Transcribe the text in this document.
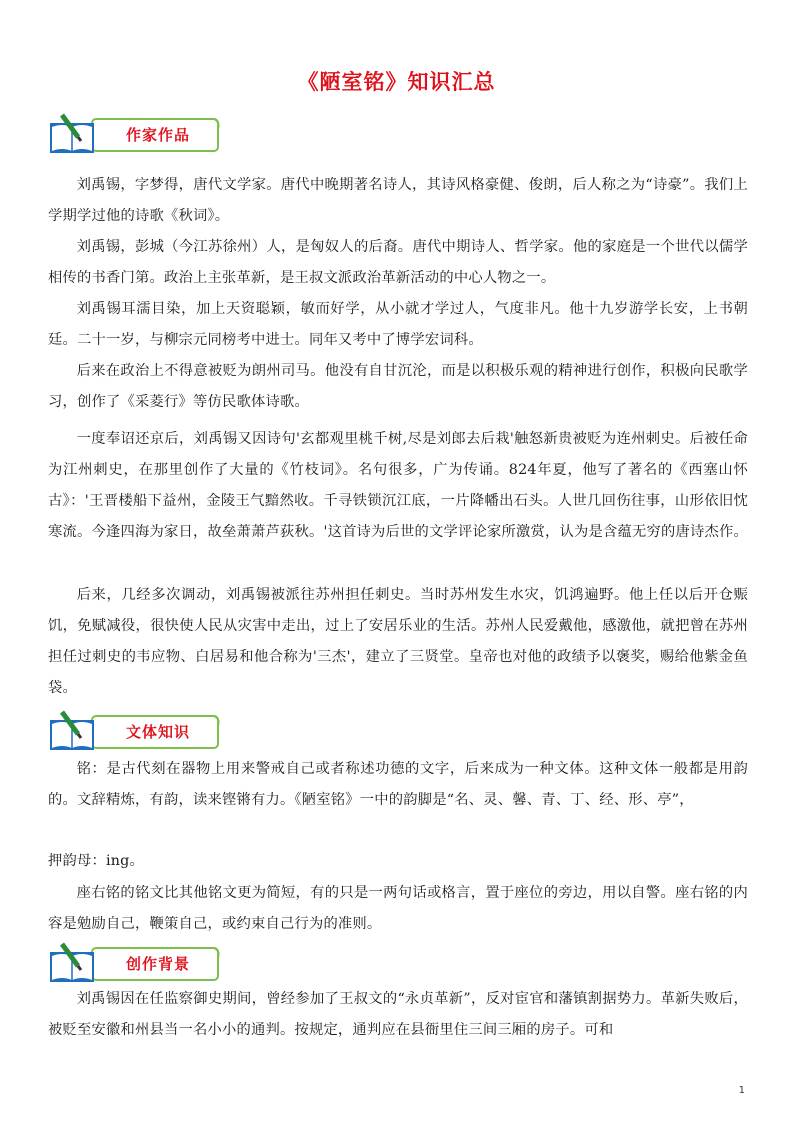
《陋室铭》知识汇总
作家作品
刘禹锡，字梦得，唐代文学家。唐代中晚期著名诗人，其诗风格豪健、俊朗，后人称之为“诗豪”。我们上学期学过他的诗歌《秋词》。
刘禹锡，彭城（今江苏徐州）人，是匈奴人的后裔。唐代中期诗人、哲学家。他的家庭是一个世代以儒学相传的书香门第。政治上主张革新，是王叔文派政治革新活动的中心人物之一。
刘禹锡耳濡目染，加上天资聪颖，敏而好学，从小就才学过人，气度非凡。他十九岁游学长安，上书朝廷。二十一岁，与柳宗元同榜考中进士。同年又考中了博学宏词科。
后来在政治上不得意被贬为朗州司马。他没有自甘沉沦，而是以积极乐观的精神进行创作，积极向民歌学习，创作了《采菱行》等仿民歌体诗歌。
一度奉诏还京后，刘禹锡又因诗句'玄都观里桃千树,尽是刘郎去后栽'触怒新贵被贬为连州刺史。后被任命为江州刺史，在那里创作了大量的《竹枝词》。名句很多，广为传诵。824年夏，他写了著名的《西塞山怀古》：'王晋楼船下益州，金陵王气黯然收。千寻铁锁沉江底，一片降幡出石头。人世几回伤往事，山形依旧忱寒流。今逢四海为家日，故垒萧萧芦荻秋。'这首诗为后世的文学评论家所激赏，认为是含蕴无穷的唐诗杰作。
后来，几经多次调动，刘禹锡被派往苏州担任刺史。当时苏州发生水灾，饥鸿遍野。他上任以后开仓赈饥，免赋减役，很快使人民从灾害中走出，过上了安居乐业的生活。苏州人民爱戴他，感激他，就把曾在苏州担任过刺史的韦应物、白居易和他合称为'三杰'，建立了三贤堂。皇帝也对他的政绩予以褒奖，赐给他紫金鱼袋。
文体知识
铭：是古代刻在器物上用来警戒自己或者称述功德的文字，后来成为一种文体。这种文体一般都是用韵的。文辞精炼，有韵，读来铿锵有力。《陋室铭》一中的韵脚是“名、灵、馨、青、丁、经、形、亭”，
押韵母：ing。
座右铭的铭文比其他铭文更为简短，有的只是一两句话或格言，置于座位的旁边，用以自警。座右铭的内容是勉励自己，鞭策自己，或约束自己行为的准则。
创作背景
刘禹锡因在任监察御史期间，曾经参加了王叔文的“永贞革新”，反对宦官和藩镇割据势力。革新失败后，被贬至安徽和州县当一名小小的通判。按规定，通判应在县衙里住三间三厢的房子。可和
1
